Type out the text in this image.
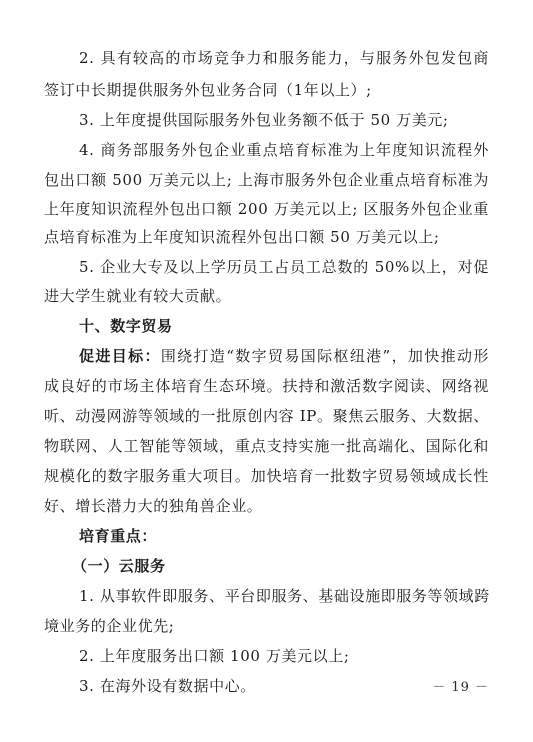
2. 具有较高的市场竞争力和服务能力，与服务外包发包商
签订中长期提供服务外包业务合同（1年以上）;
3. 上年度提供国际服务外包业务额不低于 50 万美元;
4. 商务部服务外包企业重点培育标准为上年度知识流程外
包出口额 500 万美元以上; 上海市服务外包企业重点培育标准为
上年度知识流程外包出口额 200 万美元以上; 区服务外包企业重
点培育标准为上年度知识流程外包出口额 50 万美元以上;
5. 企业大专及以上学历员工占员工总数的 50%以上，对促
进大学生就业有较大贡献。
十、数字贸易
促进目标：围绕打造“数字贸易国际枢纽港”，加快推动形
成良好的市场主体培育生态环境。扶持和激活数字阅读、网络视
听、动漫网游等领域的一批原创内容 IP。聚焦云服务、大数据、
物联网、人工智能等领域，重点支持实施一批高端化、国际化和
规模化的数字服务重大项目。加快培育一批数字贸易领域成长性
好、增长潜力大的独角兽企业。
培育重点：
（一）云服务
1. 从事软件即服务、平台即服务、基础设施即服务等领域跨
境业务的企业优先;
2. 上年度服务出口额 100 万美元以上;
3. 在海外设有数据中心。	－ 19 －
